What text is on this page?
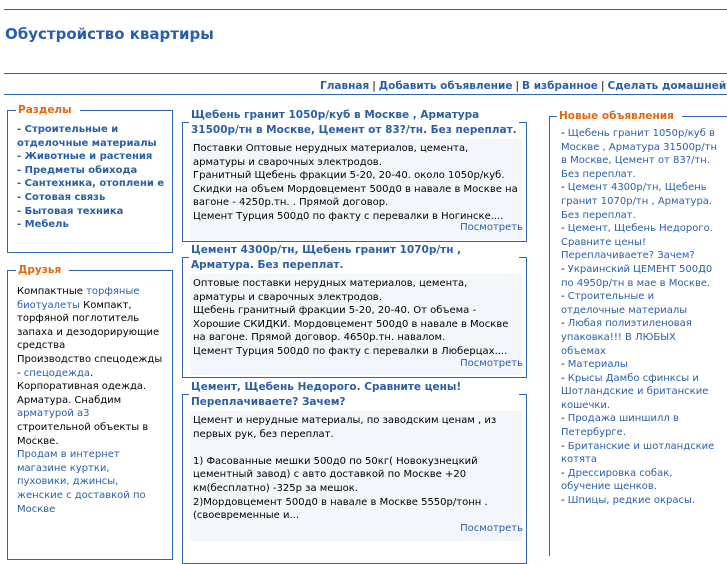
Обустройство квартиры
Главная | Добавить объявление | В избранное | Сделать домашней
Разделы
- Строительные и отделочные материалы
- Животные и растения
- Предметы обихода
- Сантехника, отоплени е
- Сотовая связь
- Бытовая техника
- Мебель
Друзья
Компактные торфяные биотуалеты Компакт, торфяной поглотитель запаха и дезодорирующие средства
Производство спецодежды - спецодежда. Корпоративная одежда.
Арматура. Снабдим арматурой а3 строительной объекты в Москве.
Продам в интернет магазине куртки, пуховики, джинсы, женские с доставкой по Москве
Щебень гранит 1050р/куб в Москве , Арматура 31500р/тн в Москве, Цемент от 83?/тн. Без переплат.
Поставки Оптовые нерудных материалов, цемента, арматуры и сварочных электродов.
Гранитный Щебень фракции 5-20, 20-40. около 1050р/куб. Скидки на объем Мордовцемент 500д0 в навале в Москве на вагоне - 4250р.тн. . Прямой договор.
Цемент Турция 500д0 по факту с перевалки в Ногинске....
Посмотреть
Цемент 4300р/тн, Щебень гранит 1070р/тн , Арматура. Без переплат.
Оптовые поставки нерудных материалов, цемента, арматуры и сварочных электродов.
Щебень гранитный фракции 5-20, 20-40. От объема - Хорошие СКИДКИ. Мордовцемент 500д0 в навале в Москве на вагоне. Прямой договор. 4650р.тн. навалом.
Цемент Турция 500д0 по факту с перевалки в Люберцах....
Посмотреть
Цемент, Щебень Недорого. Сравните цены! Переплачиваете? Зачем?
Цемент и нерудные материалы, по заводским ценам , из первых рук, без переплат.

1) Фасованные мешки 500д0 по 50кг( Новокузнецкий цементный завод) с авто доставкой по Москве +20 км(бесплатно) -325р за мешок.
2)Мордовцемент 500д0 в навале в Москве 5550р/тонн .(своевременные и...
Посмотреть
Новые объявления
- Щебень гранит 1050р/куб в Москве , Арматура 31500р/тн в Москве, Цемент от 83?/тн. Без переплат.
- Цемент 4300р/тн, Щебень гранит 1070р/тн , Арматура. Без переплат.
- Цемент, Щебень Недорого. Сравните цены! Переплачиваете? Зачем?
- Украинский ЦЕМЕНТ 500Д0 по 4950р/тн в мае в Москве.
- Строительные и отделочные материалы
- Любая полиэтиленовая упаковка!!! В ЛЮБЫХ объемах
- Материалы
- Крысы Дамбо сфинксы и Шотландские и британские кошечки.
- Продажа шиншилл в Петербурге.
- Британские и шотландские котята
- Дрессировка собак, обучение щенков.
- Шпицы, редкие окрасы.
